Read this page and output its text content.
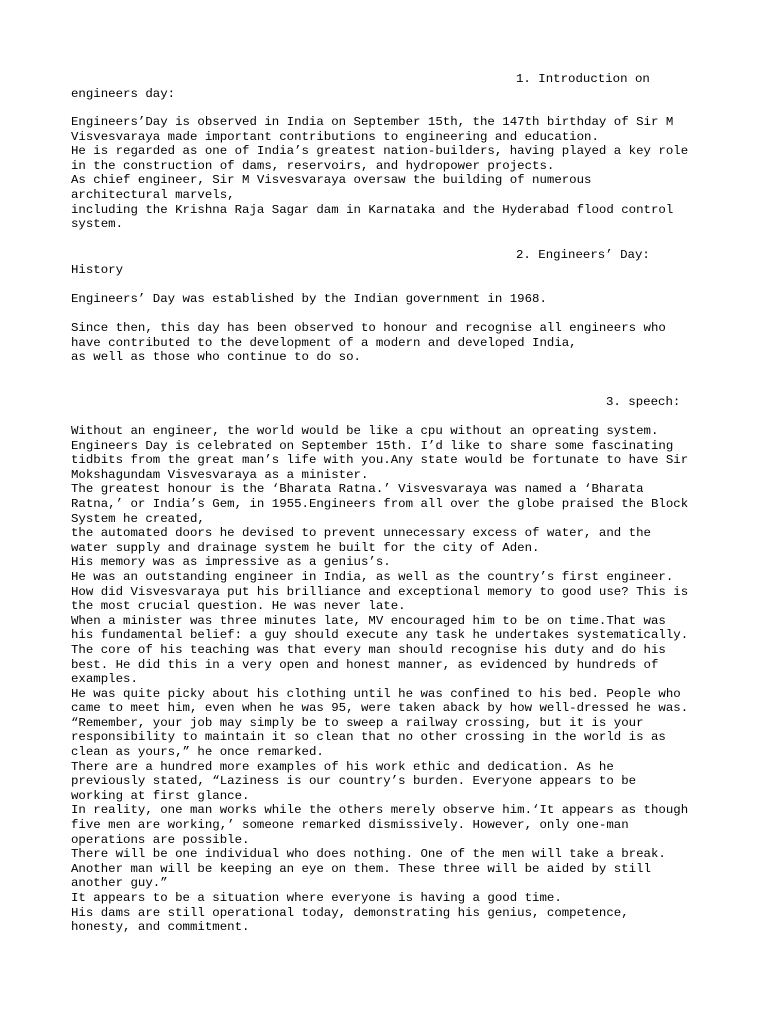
1. Introduction on
engineers day:
Engineers’Day is observed in India on September 15th, the 147th birthday of Sir M
Visvesvaraya made important contributions to engineering and education.
He is regarded as one of India’s greatest nation-builders, having played a key role
in the construction of dams, reservoirs, and hydropower projects.
As chief engineer, Sir M Visvesvaraya oversaw the building of numerous
architectural marvels,
including the Krishna Raja Sagar dam in Karnataka and the Hyderabad flood control
system.
2. Engineers’ Day:
History
Engineers’ Day was established by the Indian government in 1968.
Since then, this day has been observed to honour and recognise all engineers who
have contributed to the development of a modern and developed India,
as well as those who continue to do so.
3. speech:
Without an engineer, the world would be like a cpu without an opreating system.
Engineers Day is celebrated on September 15th. I’d like to share some fascinating
tidbits from the great man’s life with you.Any state would be fortunate to have Sir
Mokshagundam Visvesvaraya as a minister.
The greatest honour is the ‘Bharata Ratna.’ Visvesvaraya was named a ‘Bharata
Ratna,’ or India’s Gem, in 1955.Engineers from all over the globe praised the Block
System he created,
the automated doors he devised to prevent unnecessary excess of water, and the
water supply and drainage system he built for the city of Aden.
His memory was as impressive as a genius’s.
He was an outstanding engineer in India, as well as the country’s first engineer.
How did Visvesvaraya put his brilliance and exceptional memory to good use? This is
the most crucial question. He was never late.
When a minister was three minutes late, MV encouraged him to be on time.That was
his fundamental belief: a guy should execute any task he undertakes systematically.
The core of his teaching was that every man should recognise his duty and do his
best. He did this in a very open and honest manner, as evidenced by hundreds of
examples.
He was quite picky about his clothing until he was confined to his bed. People who
came to meet him, even when he was 95, were taken aback by how well-dressed he was.
“Remember, your job may simply be to sweep a railway crossing, but it is your
responsibility to maintain it so clean that no other crossing in the world is as
clean as yours,” he once remarked.
There are a hundred more examples of his work ethic and dedication. As he
previously stated, “Laziness is our country’s burden. Everyone appears to be
working at first glance.
In reality, one man works while the others merely observe him.‘It appears as though
five men are working,’ someone remarked dismissively. However, only one-man
operations are possible.
There will be one individual who does nothing. One of the men will take a break.
Another man will be keeping an eye on them. These three will be aided by still
another guy.”
It appears to be a situation where everyone is having a good time.
His dams are still operational today, demonstrating his genius, competence,
honesty, and commitment.
